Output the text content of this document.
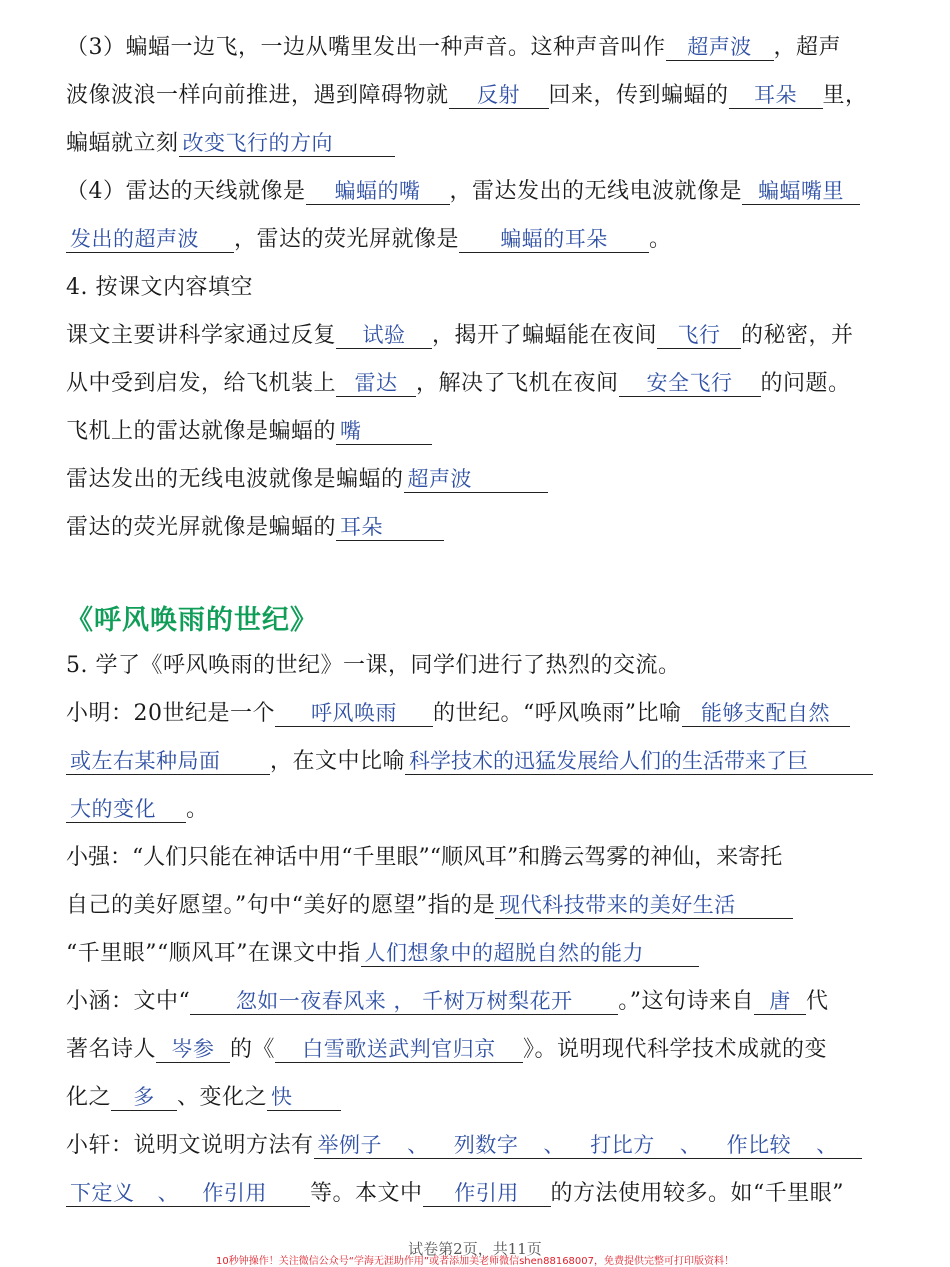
（3）蝙蝠一边飞，一边从嘴里发出一种声音。这种声音叫作 超声波 ，超声
波像波浪一样向前推进，遇到障碍物就 反射 回来，传到蝙蝠的 耳朵 里，
蝙蝠就立刻 改变飞行的方向
（4）雷达的天线就像是 蝙蝠的嘴 ，雷达发出的无线电波就像是 蝙蝠嘴里
发出的超声波 ，雷达的荧光屏就像是 蝙蝠的耳朵 。
4. 按课文内容填空
课文主要讲科学家通过反复 试验 ，揭开了蝙蝠能在夜间 飞行 的秘密，并
从中受到启发，给飞机装上 雷达 ，解决了飞机在夜间 安全飞行 的问题。
飞机上的雷达就像是蝙蝠的 嘴
雷达发出的无线电波就像是蝙蝠的 超声波
雷达的荧光屏就像是蝙蝠的 耳朵
《呼风唤雨的世纪》
5. 学了《呼风唤雨的世纪》一课，同学们进行了热烈的交流。
小明：20世纪是一个 呼风唤雨 的世纪。“呼风唤雨”比喻 能够支配自然
或左右某种局面 ，在文中比喻 科学技术的迅猛发展给人们的生活带来了巨
大的变化 。
小强：“人们只能在神话中用“千里眼”“顺风耳”和腾云驾雾的神仙，来寄托
自己的美好愿望。”句中“美好的愿望”指的是 现代科技带来的美好生活
“千里眼”“顺风耳”在课文中指 人们想象中的超脱自然的能力
小涵：文中“ 忽如一夜春风来 ， 千树万树梨花开 。”这句诗来自 唐 代
著名诗人 岑参 的《 白雪歌送武判官归京 》。说明现代科学技术成就的变
化之 多 、变化之 快
小轩：说明文说明方法有 举例子 、 列数字 、 打比方 、 作比较 、
下定义 、 作引用 等。本文中 作引用 的方法使用较多。如“千里眼”
试卷第2页，共11页
10秒钟操作！关注微信公众号“学海无涯助作用”或者添加美老师微信shen88168007，免费提供完整可打印版资料！
